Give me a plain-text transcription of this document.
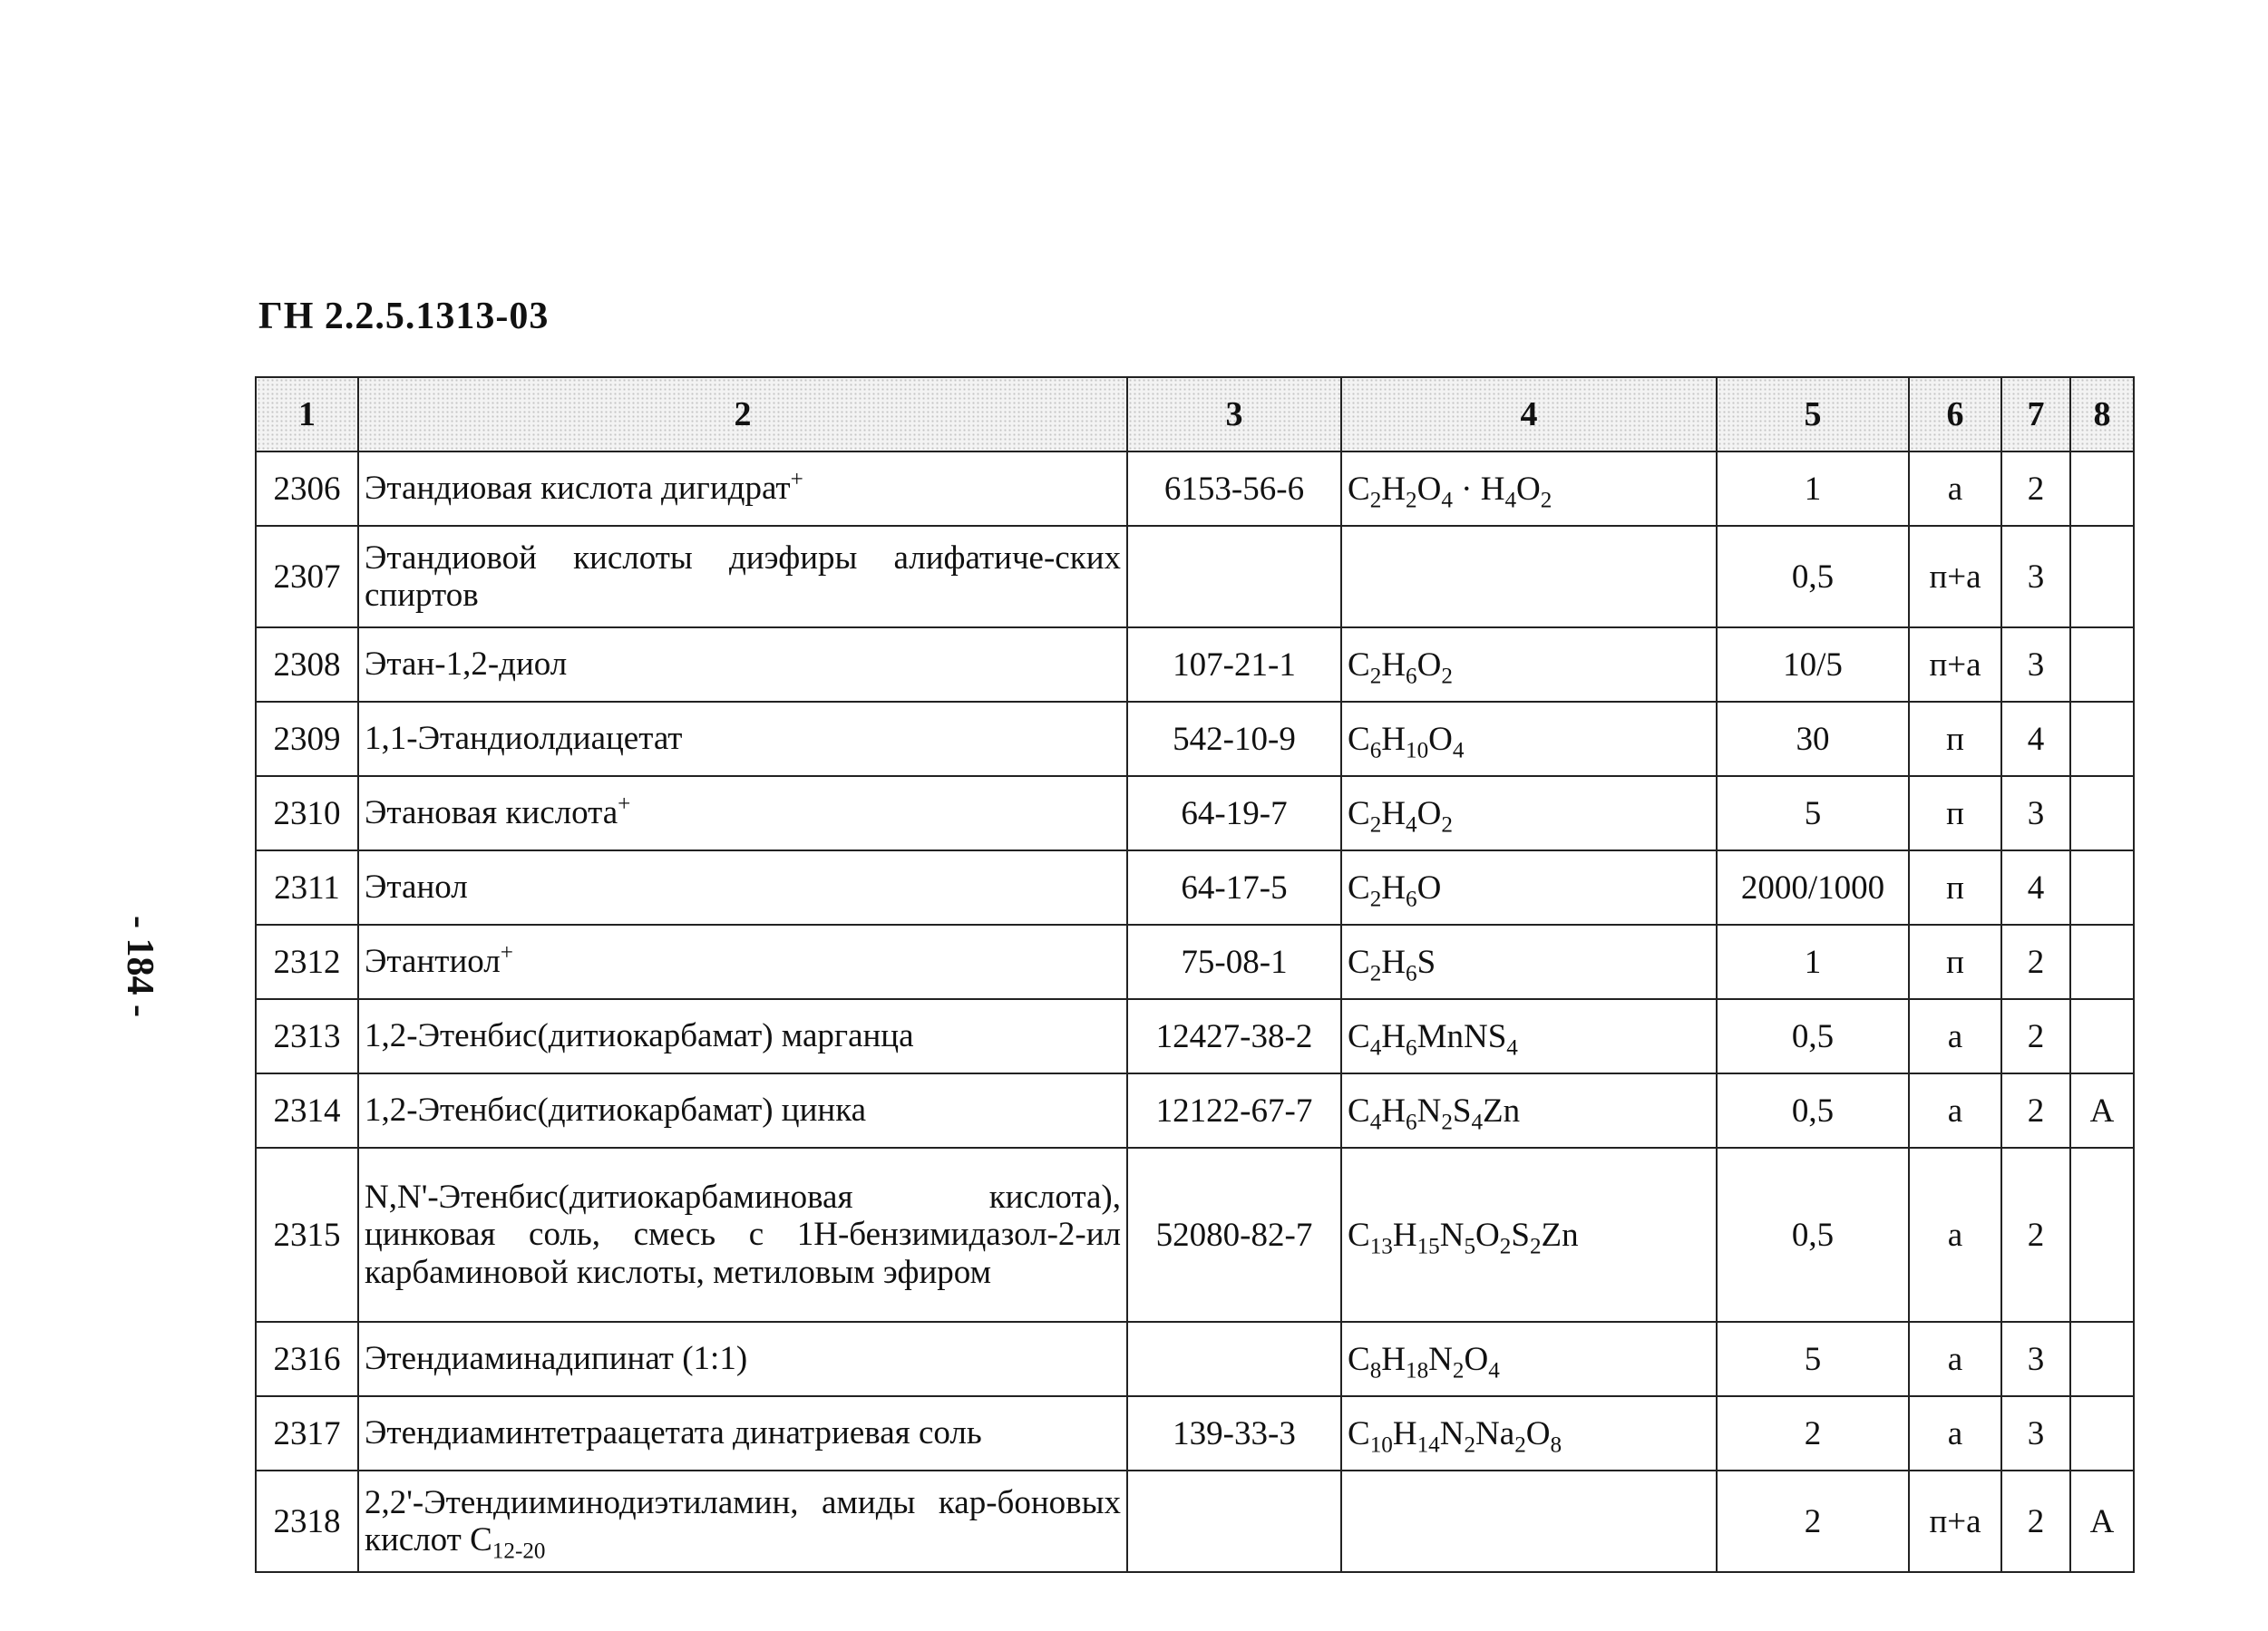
ГН 2.2.5.1313-03
- 184 -
1	2	3	4	5	6	7	8
2306	Этандиовая кислота дигидрат+	6153-56-6	$C_2H_2O_4 \cdot H_4O_2$	1	а	2	
2307	Этандиовой кислоты диэфиры алифатиче-ских спиртов			0,5	п+а	3	
2308	Этан-1,2-диол	107-21-1	$C_2H_6O_2$	10/5	п+а	3	
2309	1,1-Этандиолдиацетат	542-10-9	$C_6H_{10}O_4$	30	п	4	
2310	Этановая кислота+	64-19-7	$C_2H_4O_2$	5	п	3	
2311	Этанол	64-17-5	$C_2H_6O$	2000/1000	п	4	
2312	Этантиол+	75-08-1	$C_2H_6S$	1	п	2	
2313	1,2-Этенбис(дитиокарбамат) марганца	12427-38-2	$C_4H_6MnNS_4$	0,5	а	2	
2314	1,2-Этенбис(дитиокарбамат) цинка	12122-67-7	$C_4H_6N_2S_4Zn$	0,5	а	2	А
2315	N,N'-Этенбис(дитиокарбаминовая кислота), цинковая соль, смесь с 1Н-бензимидазол-2-ил карбаминовой кислоты, метиловым эфиром	52080-82-7	$C_{13}H_{15}N_5O_2S_2Zn$	0,5	а	2	
2316	Этендиаминадипинат (1:1)		$C_8H_{18}N_2O_4$	5	а	3	
2317	Этендиаминтетраацетата динатриевая соль	139-33-3	$C_{10}H_{14}N_2Na_2O_8$	2	а	3	
2318	2,2'-Этендииминодиэтиламин, амиды кар-боновых кислот $С_{12-20}$			2	п+а	2	А
